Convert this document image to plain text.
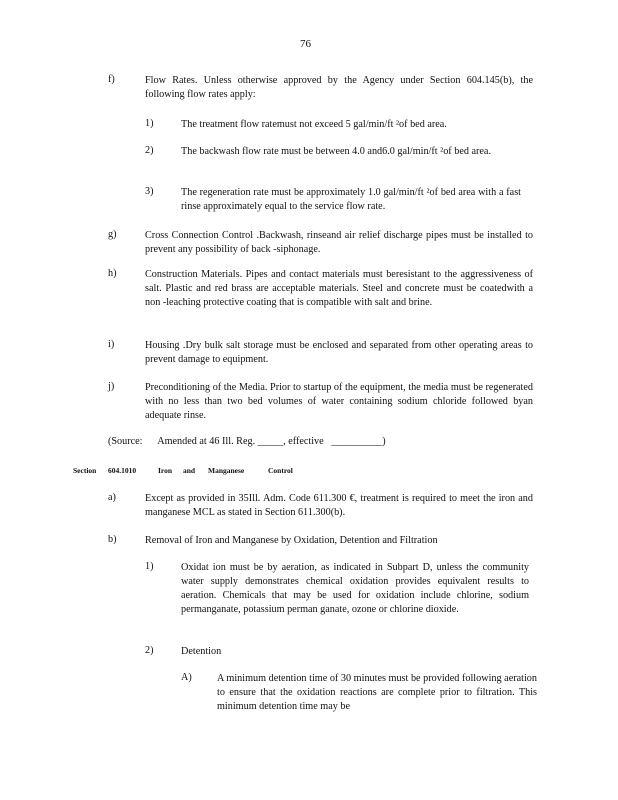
76
f)	Flow Rates. Unless otherwise approved by the Agency under Section 604.145(b), the following flow rates apply:
1)	The treatment flow ratemust not exceed 5 gal/min/ft ²of bed area.
2)	The backwash flow rate must be between 4.0 and6.0 gal/min/ft ²of bed area.
3)	The regeneration rate must be approximately 1.0 gal/min/ft ²of bed area with a fast rinse approximately equal to the service flow rate.
g)	Cross Connection Control .Backwash, rinseand air relief discharge pipes must be installed to prevent any possibility of back -siphonage.
h)	Construction Materials. Pipes and contact materials must beresistant to the aggressiveness of salt. Plastic and red brass are acceptable materials. Steel and concrete must be coatedwith a non -leaching protective coating that is compatible with salt and brine.
i)	Housing .Dry bulk salt storage must be enclosed and separated from other operating areas to prevent damage to equipment.
j)	Preconditioning of the Media. Prior to startup of the equipment, the media must be regenerated with no less than two bed volumes of water containing sodium chloride followed byan adequate rinse.
(Source: Amended at 46 Ill. Reg. _____, effective __________)
Section 604.1010	Iron and Manganese	Control
a)	Except as provided in 35Ill. Adm. Code 611.300 €, treatment is required to meet the iron and manganese MCL as stated in Section 611.300(b).
b)	Removal of Iron and Manganese by Oxidation, Detention and Filtration
1)	Oxidat ion must be by aeration, as indicated in Subpart D, unless the community water supply demonstrates chemical oxidation provides equivalent results to aeration. Chemicals that may be used for oxidation include chlorine, sodium permanganate, potassium perman ganate, ozone or chlorine dioxide.
2)	Detention
A) A minimum detention time of 30 minutes must be provided following aeration to ensure that the oxidation reactions are complete prior to filtration. This minimum detention time may be
